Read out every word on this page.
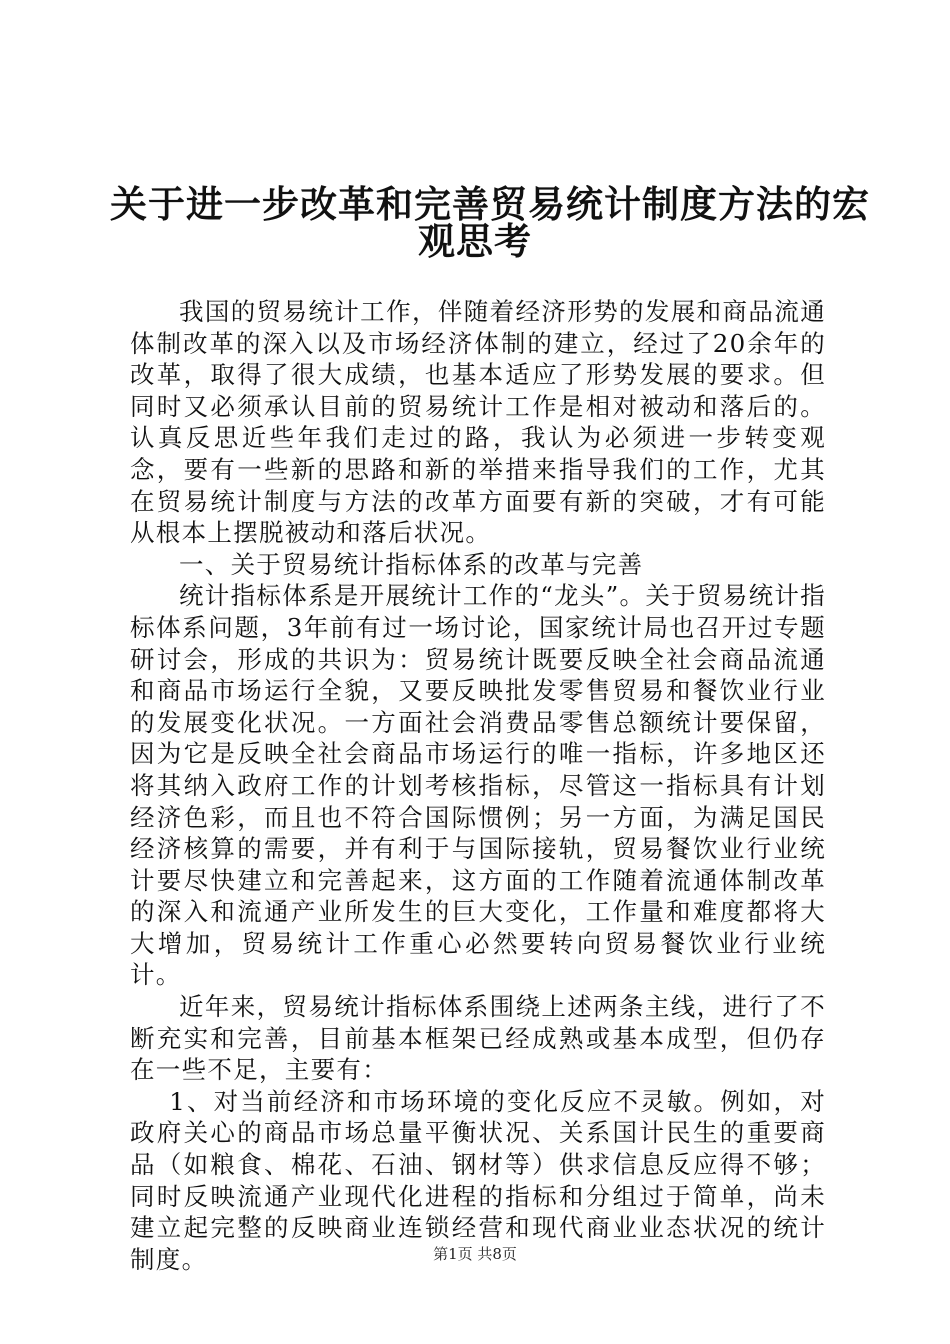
关于进一步改革和完善贸易统计制度方法的宏
观思考

我国的贸易统计工作，伴随着经济形势的发展和商品流通体制改革的深入以及市场经济体制的建立，经过了20余年的改革，取得了很大成绩，也基本适应了形势发展的要求。但同时又必须承认目前的贸易统计工作是相对被动和落后的。认真反思近些年我们走过的路，我认为必须进一步转变观念，要有一些新的思路和新的举措来指导我们的工作，尤其在贸易统计制度与方法的改革方面要有新的突破，才有可能从根本上摆脱被动和落后状况。

一、关于贸易统计指标体系的改革与完善

统计指标体系是开展统计工作的“龙头”。关于贸易统计指标体系问题，3年前有过一场讨论，国家统计局也召开过专题研讨会，形成的共识为：贸易统计既要反映全社会商品流通和商品市场运行全貌，又要反映批发零售贸易和餐饮业行业的发展变化状况。一方面社会消费品零售总额统计要保留，因为它是反映全社会商品市场运行的唯一指标，许多地区还将其纳入政府工作的计划考核指标，尽管这一指标具有计划经济色彩，而且也不符合国际惯例；另一方面，为满足国民经济核算的需要，并有利于与国际接轨，贸易餐饮业行业统计要尽快建立和完善起来，这方面的工作随着流通体制改革的深入和流通产业所发生的巨大变化，工作量和难度都将大大增加，贸易统计工作重心必然要转向贸易餐饮业行业统计。

近年来，贸易统计指标体系围绕上述两条主线，进行了不断充实和完善，目前基本框架已经成熟或基本成型，但仍存在一些不足，主要有：

1、对当前经济和市场环境的变化反应不灵敏。例如，对政府关心的商品市场总量平衡状况、关系国计民生的重要商品（如粮食、棉花、石油、钢材等）供求信息反应得不够；同时反映流通产业现代化进程的指标和分组过于简单，尚未建立起完整的反映商业连锁经营和现代商业业态状况的统计制度。	第1页 共8页
